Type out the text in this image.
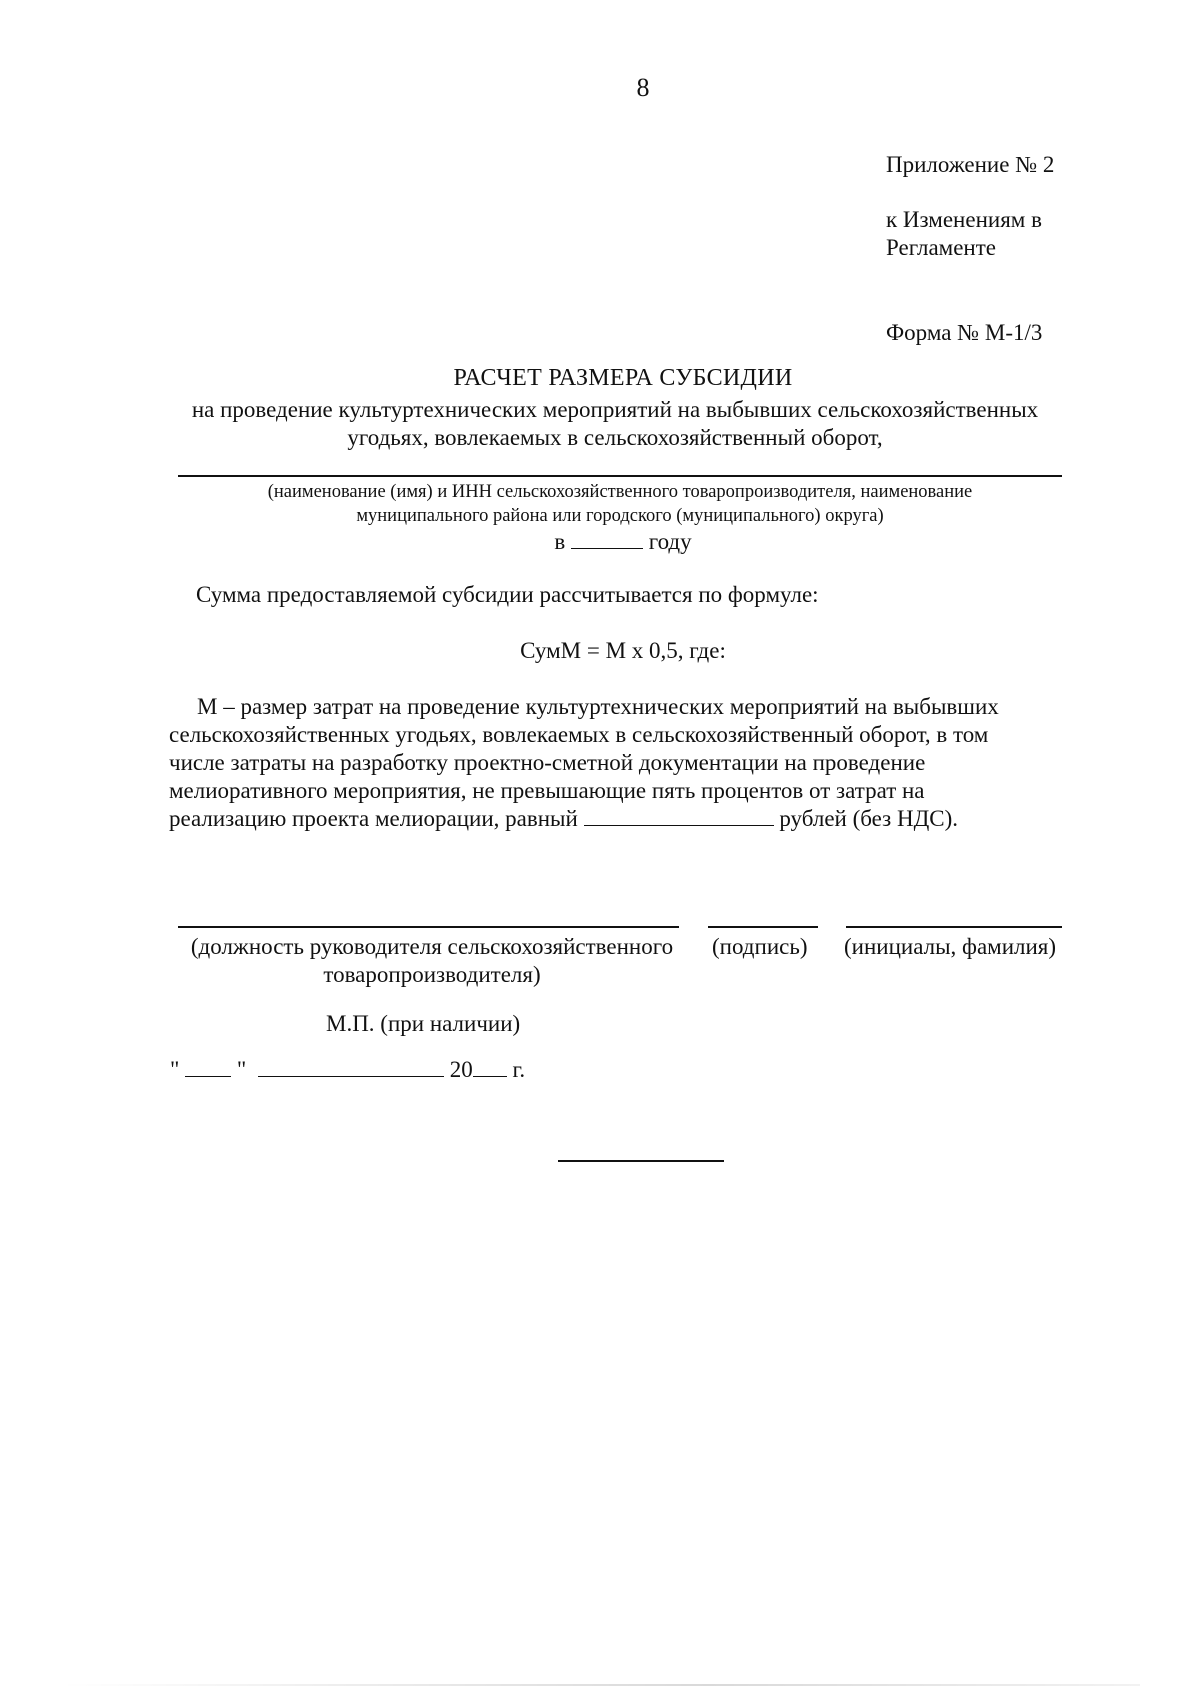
8
Приложение № 2
к Изменениям в
Регламенте
Форма № М-1/3
РАСЧЕТ РАЗМЕРА СУБСИДИИ
на проведение культуртехнических мероприятий на выбывших сельскохозяйственных
угодьях, вовлекаемых в сельскохозяйственный оборот,
(наименование (имя) и ИНН сельскохозяйственного товаропроизводителя, наименование
муниципального района или городского (муниципального) округа)
в	году
Сумма предоставляемой субсидии рассчитывается по формуле:
СумМ = М х 0,5, где:
М – размер затрат на проведение культуртехнических мероприятий на выбывших
сельскохозяйственных угодьях, вовлекаемых в сельскохозяйственный оборот, в том
числе затраты на разработку проектно-сметной документации на проведение
мелиоративного мероприятия, не превышающие пять процентов от затрат на
реализацию проекта мелиорации, равный	рублей (без НДС).
(должность руководителя сельскохозяйственного
товаропроизводителя)
(подпись) (инициалы, фамилия)
М.П. (при наличии)
"	"	20 г.
